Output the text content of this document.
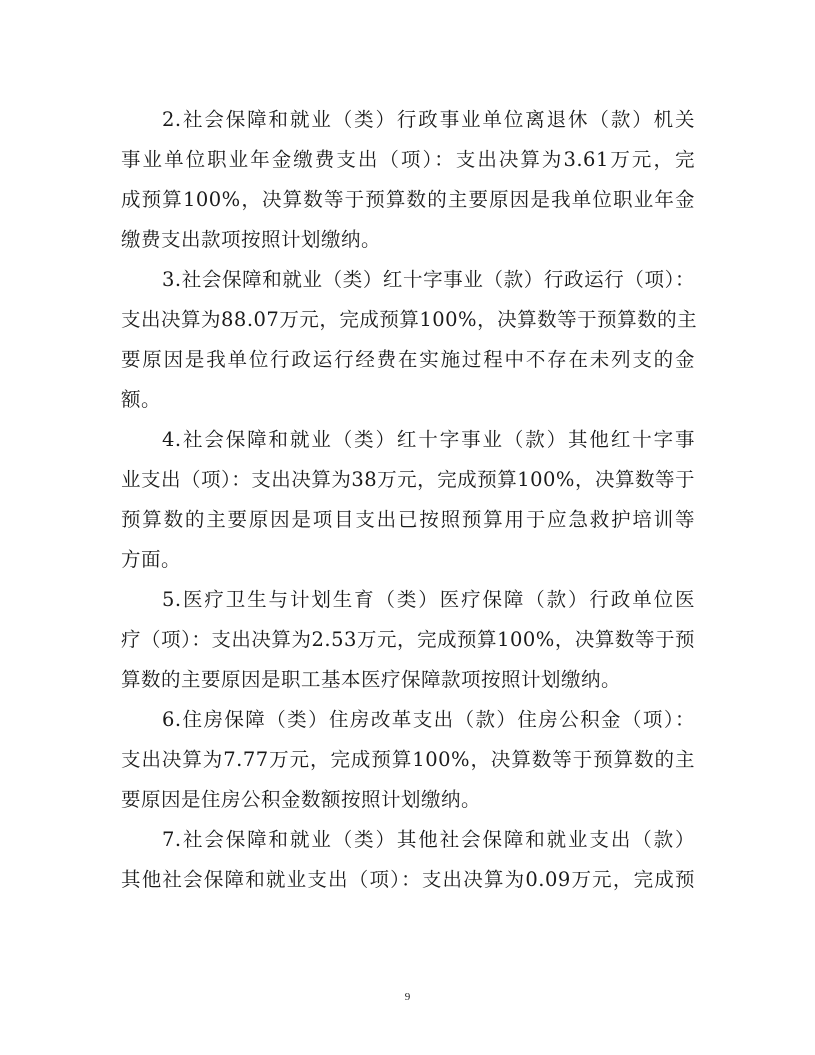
2.社会保障和就业（类）行政事业单位离退休（款）机关
事业单位职业年金缴费支出（项）：支出决算为3.61万元，完
成预算100%，决算数等于预算数的主要原因是我单位职业年金
缴费支出款项按照计划缴纳。
3.社会保障和就业（类）红十字事业（款）行政运行（项）：
支出决算为88.07万元，完成预算100%，决算数等于预算数的主
要原因是我单位行政运行经费在实施过程中不存在未列支的金
额。
4.社会保障和就业（类）红十字事业（款）其他红十字事
业支出（项）：支出决算为38万元，完成预算100%，决算数等于
预算数的主要原因是项目支出已按照预算用于应急救护培训等
方面。
5.医疗卫生与计划生育（类）医疗保障（款）行政单位医
疗（项）：支出决算为2.53万元，完成预算100%，决算数等于预
算数的主要原因是职工基本医疗保障款项按照计划缴纳。
6.住房保障（类）住房改革支出（款）住房公积金（项）：
支出决算为7.77万元，完成预算100%，决算数等于预算数的主
要原因是住房公积金数额按照计划缴纳。
7.社会保障和就业（类）其他社会保障和就业支出（款）
其他社会保障和就业支出（项）：支出决算为0.09万元，完成预
9
